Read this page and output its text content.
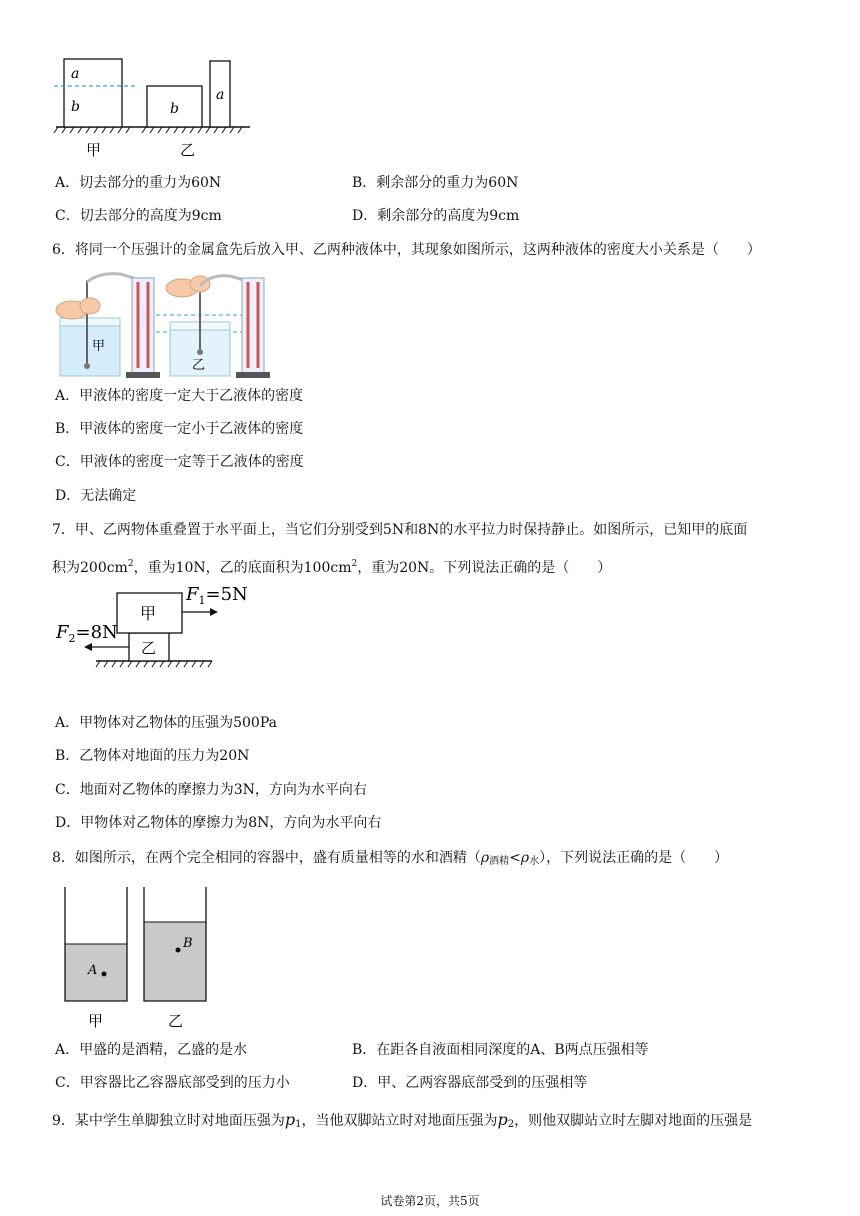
a
b	b
a
甲	乙
A．切去部分的重力为60N	B．剩余部分的重力为60N
C．切去部分的高度为9cm	D．剩余部分的高度为9cm
6．将同一个压强计的金属盒先后放入甲、乙两种液体中，其现象如图所示，这两种液体的密度大小关系是（　　）
甲
乙
A．甲液体的密度一定大于乙液体的密度
B．甲液体的密度一定小于乙液体的密度
C．甲液体的密度一定等于乙液体的密度
D．无法确定
7．甲、乙两物体重叠置于水平面上，当它们分别受到5N和8N的水平拉力时保持静止。如图所示，已知甲的底面
积为$200cm^2$，重为10N，乙的底面积为$100cm^2$，重为20N。下列说法正确的是（　　）
乙
甲
$F_1=5N$
$F_2=8N$
A．甲物体对乙物体的压强为500Pa
B．乙物体对地面的压力为20N
C．地面对乙物体的摩擦力为3N，方向为水平向右
D．甲物体对乙物体的摩擦力为8N，方向为水平向右
8．如图所示，在两个完全相同的容器中，盛有质量相等的水和酒精$(\rho_{酒精}<\rho_水)$，下列说法正确的是（　　）
A
B
甲	乙
A．甲盛的是酒精，乙盛的是水	B．在距各自液面相同深度的A、B两点压强相等
C．甲容器比乙容器底部受到的压力小	D．甲、乙两容器底部受到的压强相等
9．某中学生单脚独立时对地面压强为$p_1$，当他双脚站立时对地面压强为$p_2$，则他双脚站立时左脚对地面的压强是
试卷第2页，共5页
